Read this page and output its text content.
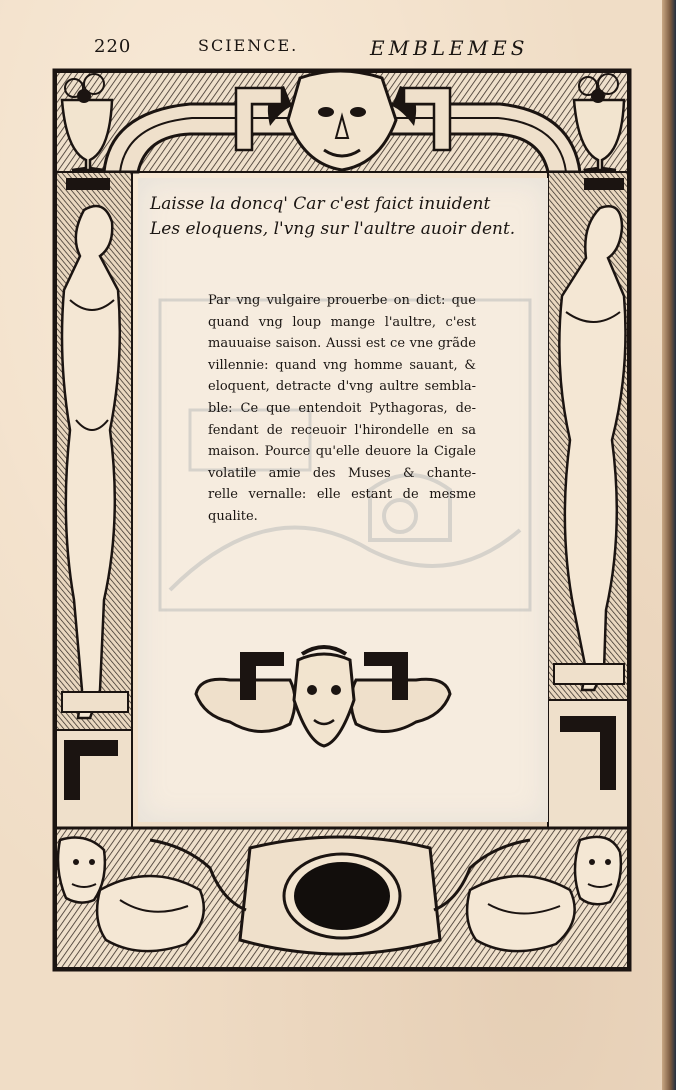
220	SCIENCE.	EMBLEMES
Laisse la doncq' Car c'est faict inuident
Les eloquens, l'vng sur l'aultre auoir dent.
Par vng vulgaire prouerbe on dict: que
quand vng loup mange l'aultre, c'est
mauuaise saison. Aussi est ce vne grãde
villennie: quand vng homme sauant, &
eloquent, detracte d'vng aultre sembla-
ble: Ce que entendoit Pythagoras, de-
fendant de receuoir l'hirondelle en sa
maison. Pource qu'elle deuore la Cigale
volatile amie des Muses & chante-
relle vernalle: elle estant de mesme
qualite.
